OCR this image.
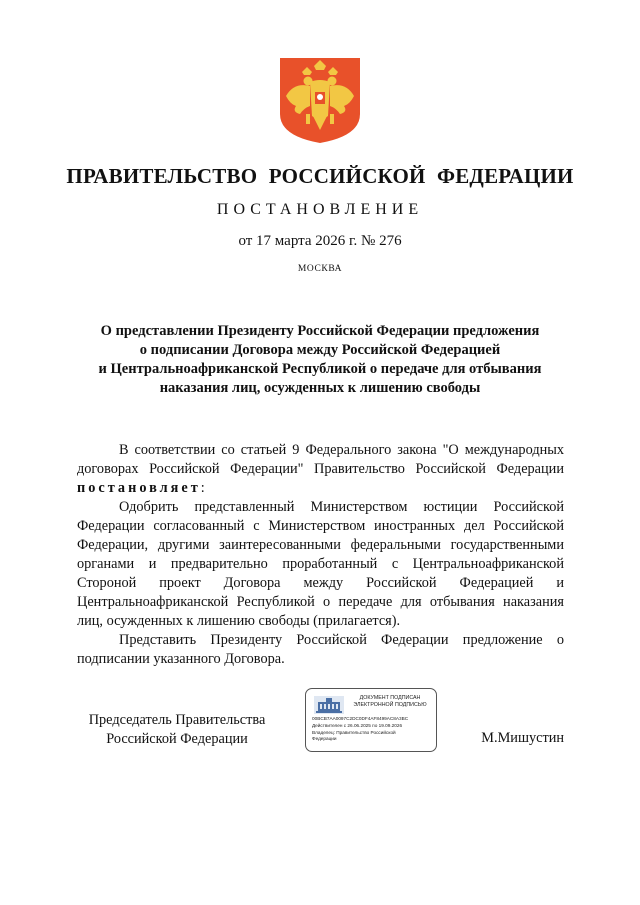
ПРАВИТЕЛЬСТВО РОССИЙСКОЙ ФЕДЕРАЦИИ
ПОСТАНОВЛЕНИЕ
от 17 марта 2026 г. № 276
МОСКВА
О представлении Президенту Российской Федерации предложения
о подписании Договора между Российской Федерацией
и Центральноафриканской Республикой о передаче для отбывания
наказания лиц, осужденных к лишению свободы

В соответствии со статьей 9 Федерального закона "О международных договорах Российской Федерации" Правительство Российской Федерации постановляет:

Одобрить представленный Министерством юстиции Российской Федерации согласованный с Министерством иностранных дел Российской Федерации, другими заинтересованными федеральными государственными органами и предварительно проработанный с Центральноафриканской Стороной проект Договора между Российской Федерацией и Центральноафриканской Республикой о передаче для отбывания наказания лиц, осужденных к лишению свободы (прилагается).

Представить Президенту Российской Федерации предложение о подписании указанного Договора.

Председатель Правительства
Российской Федерации
ДОКУМЕНТ ПОДПИСАН
ЭЛЕКТРОННОЙ ПОДПИСЬЮ
00BCB7AA0097C2DC0DF4AF8499AC8A3BC
Действителен с 26.06.2025 по 19.09.2026
Владелец: Правительство Российской
Федерации	М.Мишустин
